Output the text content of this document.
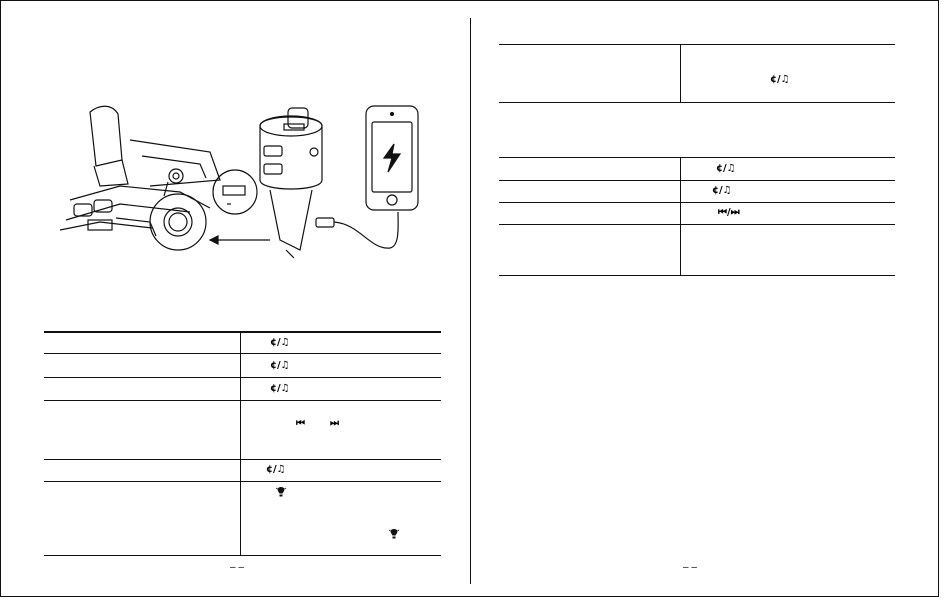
¢/♫
¢/♫
¢/♫
⏮	⏭
¢/♫
– –
¢/♫
¢/♫
¢/♫
⏮/⏭
– –
